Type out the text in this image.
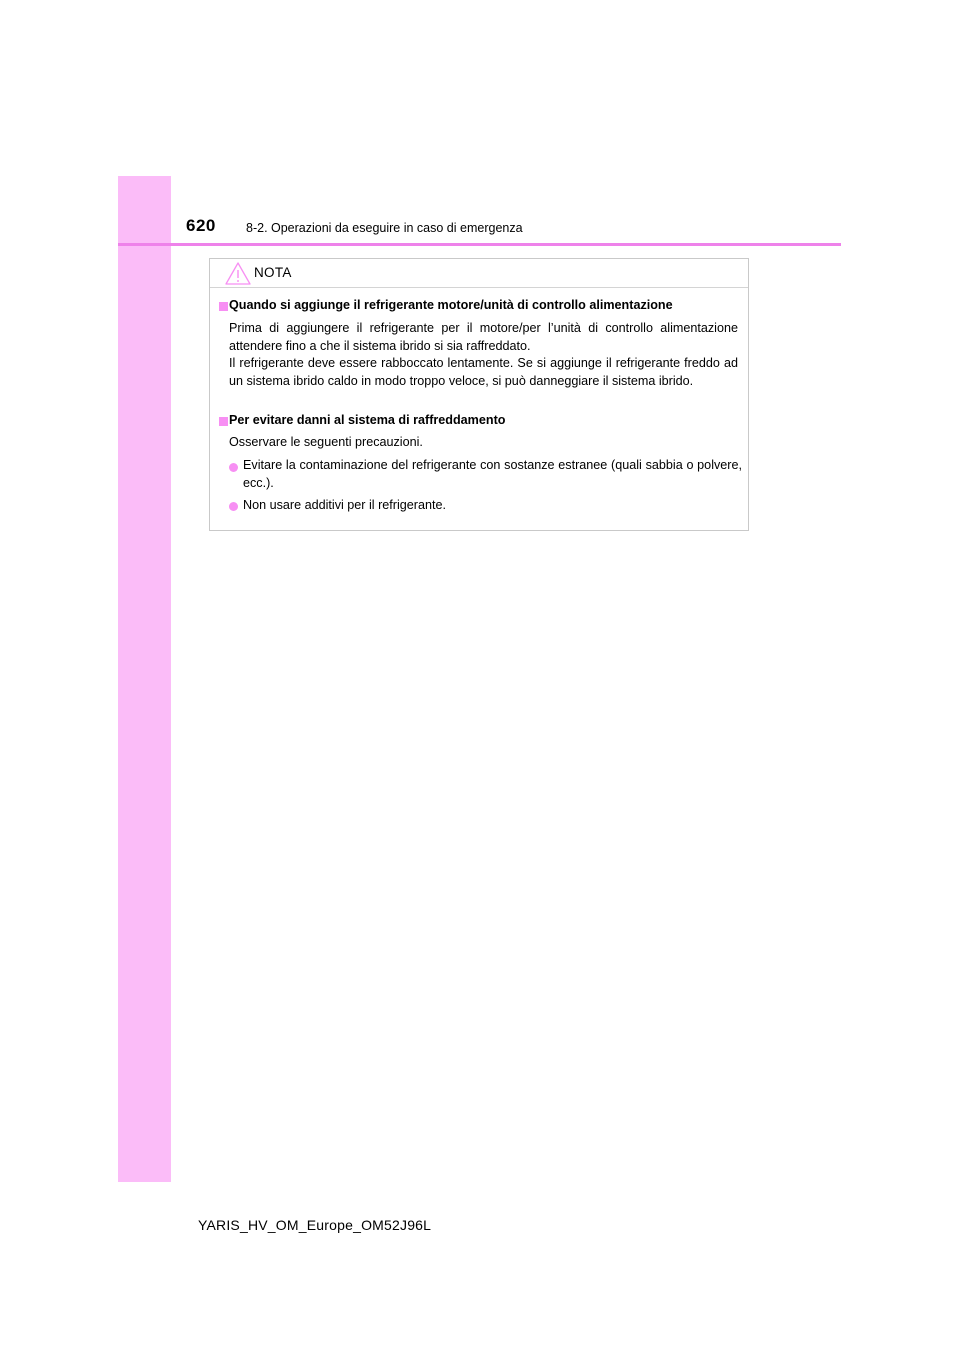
620 8-2. Operazioni da eseguire in caso di emergenza
NOTA
Quando si aggiunge il refrigerante motore/unità di controllo alimentazione
Prima di aggiungere il refrigerante per il motore/per l’unità di controllo alimentazione attendere fino a che il sistema ibrido si sia raffreddato.
Il refrigerante deve essere rabboccato lentamente. Se si aggiunge il refrigerante freddo ad un sistema ibrido caldo in modo troppo veloce, si può danneggiare il sistema ibrido.
Per evitare danni al sistema di raffreddamento
Osservare le seguenti precauzioni.
Evitare la contaminazione del refrigerante con sostanze estranee (quali sabbia o polvere, ecc.).
Non usare additivi per il refrigerante.
YARIS_HV_OM_Europe_OM52J96L
